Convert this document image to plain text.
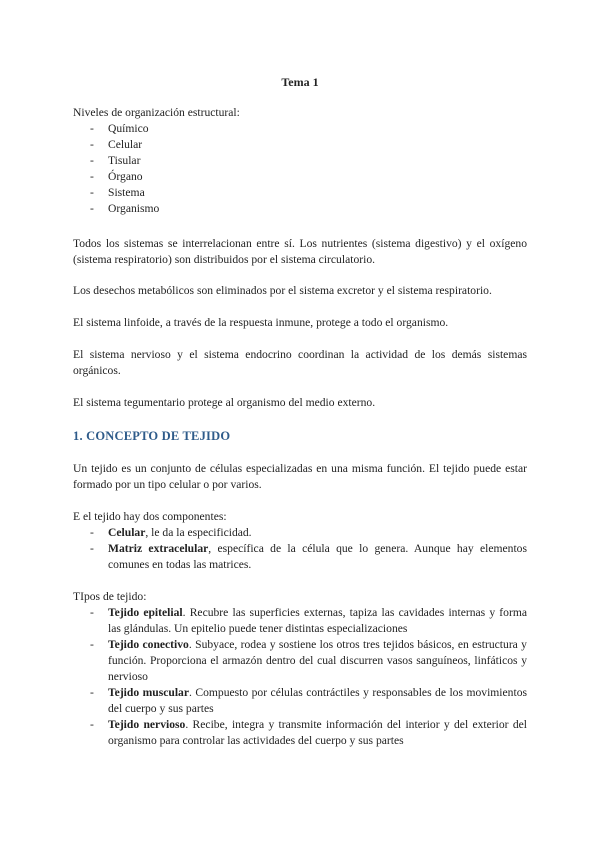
Tema 1
Niveles de organización estructural:
- Químico
- Celular
- Tisular
- Órgano
- Sistema
- Organismo

Todos los sistemas se interrelacionan entre sí. Los nutrientes (sistema digestivo) y el oxígeno (sistema respiratorio) son distribuidos por el sistema circulatorio.

Los desechos metabólicos son eliminados por el sistema excretor y el sistema respiratorio.

El sistema linfoide, a través de la respuesta inmune, protege a todo el organismo.

El sistema nervioso y el sistema endocrino coordinan la actividad de los demás sistemas orgánicos.

El sistema tegumentario protege al organismo del medio externo.

1. CONCEPTO DE TEJIDO

Un tejido es un conjunto de células especializadas en una misma función. El tejido puede estar formado por un tipo celular o por varios.

E el tejido hay dos componentes:
- Celular, le da la especificidad.
- Matriz extracelular, específica de la célula que lo genera. Aunque hay elementos comunes en todas las matrices.
TIpos de tejido:
- Tejido epitelial. Recubre las superficies externas, tapiza las cavidades internas y forma las glándulas. Un epitelio puede tener distintas especializaciones
- Tejido conectivo. Subyace, rodea y sostiene los otros tres tejidos básicos, en estructura y función. Proporciona el armazón dentro del cual discurren vasos sanguíneos, linfáticos y nervioso
- Tejido muscular. Compuesto por células contráctiles y responsables de los movimientos del cuerpo y sus partes
- Tejido nervioso. Recibe, integra y transmite información del interior y del exterior del organismo para controlar las actividades del cuerpo y sus partes
